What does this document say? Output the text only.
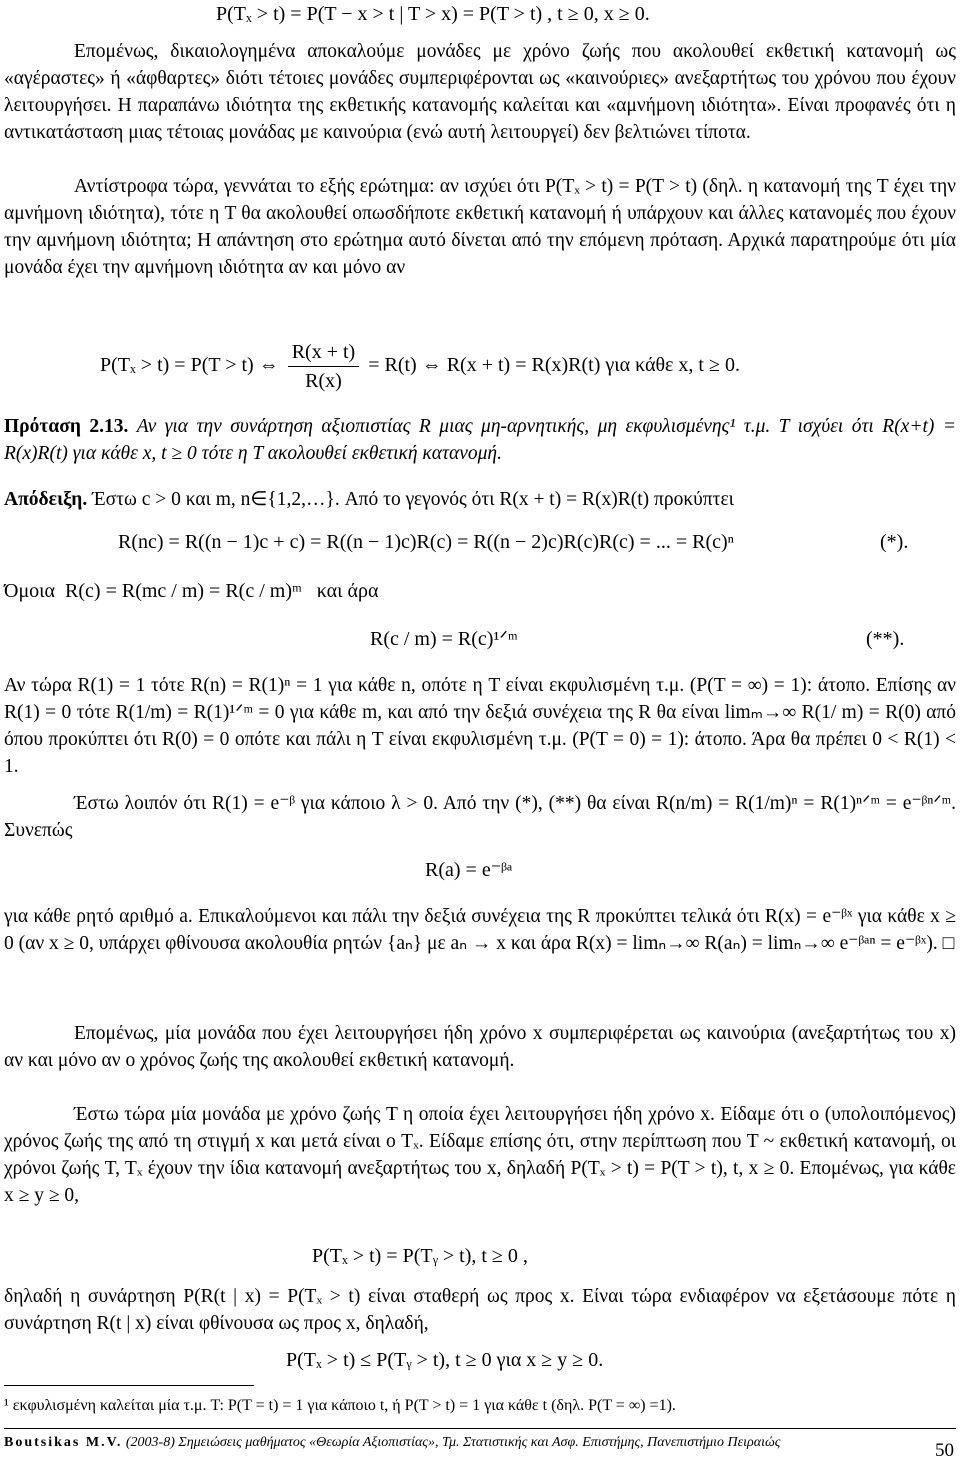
P(Tₓ > t) = P(T − x > t | T > x) = P(T > t) , t ≥ 0, x ≥ 0.

Επομένως, δικαιολογημένα αποκαλούμε μονάδες με χρόνο ζωής που ακολουθεί εκθετική κατανομή ως «αγέραστες» ή «άφθαρτες» διότι τέτοιες μονάδες συμπεριφέρονται ως «καινούριες» ανεξαρτήτως του χρόνου που έχουν λειτουργήσει. Η παραπάνω ιδιότητα της εκθετικής κατανομής καλείται και «αμνήμονη ιδιότητα». Είναι προφανές ότι η αντικατάσταση μιας τέτοιας μονάδας με καινούρια (ενώ αυτή λειτουργεί) δεν βελτιώνει τίποτα.

Αντίστροφα τώρα, γεννάται το εξής ερώτημα: αν ισχύει ότι P(Tₓ > t) = P(T > t) (δηλ. η κατανομή της T έχει την αμνήμονη ιδιότητα), τότε η T θα ακολουθεί οπωσδήποτε εκθετική κατανομή ή υπάρχουν και άλλες κατανομές που έχουν την αμνήμονη ιδιότητα; Η απάντηση στο ερώτημα αυτό δίνεται από την επόμενη πρόταση. Αρχικά παρατηρούμε ότι μία μονάδα έχει την αμνήμονη ιδιότητα αν και μόνο αν

P(Tₓ > t) = P(T > t) ⇔ $\frac{R(x + t)}{R(x)} = R(t)$ ⇔ R(x + t) = R(x)R(t) για κάθε x, t ≥ 0.

Πρόταση 2.13. Αν για την συνάρτηση αξιοπιστίας R μιας μη-αρνητικής, μη εκφυλισμένης¹ τ.μ. T ισχύει ότι R(x+t) = R(x)R(t) για κάθε x, t ≥ 0 τότε η T ακολουθεί εκθετική κατανομή.

Απόδειξη. Έστω c > 0 και m, n∈{1,2,…}. Από το γεγονός ότι R(x + t) = R(x)R(t) προκύπτει

R(nc) = R((n − 1)c + c) = R((n − 1)c)R(c) = R((n − 2)c)R(c)R(c) = ... = R(c)ⁿ	(*).
Όμοια R(c) = R(mc / m) = R(c / m)ᵐ και άρα
R(c / m) = R(c)¹ᐟᵐ	(**).

Αν τώρα R(1) = 1 τότε R(n) = R(1)ⁿ = 1 για κάθε n, οπότε η T είναι εκφυλισμένη τ.μ. (P(T = ∞) = 1): άτοπο. Επίσης αν R(1) = 0 τότε R(1/m) = R(1)¹ᐟᵐ = 0 για κάθε m, και από την δεξιά συνέχεια της R θα είναι limₘ→∞ R(1/ m) = R(0) από όπου προκύπτει ότι R(0) = 0 οπότε και πάλι η T είναι εκφυλισμένη τ.μ. (P(T = 0) = 1): άτοπο. Άρα θα πρέπει 0 < R(1) < 1.

Έστω λοιπόν ότι R(1) = e⁻ᵝ για κάποιο λ > 0. Από την (*), (**) θα είναι R(n/m) = R(1/m)ⁿ = R(1)ⁿᐟᵐ = e⁻ᵝⁿᐟᵐ. Συνεπώς

R(a) = e⁻ᵝᵃ

για κάθε ρητό αριθμό a. Επικαλούμενοι και πάλι την δεξιά συνέχεια της R προκύπτει τελικά ότι R(x) = e⁻ᵝˣ για κάθε x ≥ 0 (αν x ≥ 0, υπάρχει φθίνουσα ακολουθία ρητών {aₙ} με aₙ → x και άρα R(x) = limₙ→∞ R(aₙ) = limₙ→∞ e⁻ᵝᵃⁿ = e⁻ᵝˣ). □

Επομένως, μία μονάδα που έχει λειτουργήσει ήδη χρόνο x συμπεριφέρεται ως καινούρια (ανεξαρτήτως του x) αν και μόνο αν ο χρόνος ζωής της ακολουθεί εκθετική κατανομή.

Έστω τώρα μία μονάδα με χρόνο ζωής T η οποία έχει λειτουργήσει ήδη χρόνο x. Είδαμε ότι ο (υπολοιπόμενος) χρόνος ζωής της από τη στιγμή x και μετά είναι ο Tₓ. Είδαμε επίσης ότι, στην περίπτωση που T ~ εκθετική κατανομή, οι χρόνοι ζωής T, Tₓ έχουν την ίδια κατανομή ανεξαρτήτως του x, δηλαδή P(Tₓ > t) = P(T > t), t, x ≥ 0. Επομένως, για κάθε x ≥ y ≥ 0,

P(Tₓ > t) = P(Tᵧ > t), t ≥ 0 ,

δηλαδή η συνάρτηση P(R(t | x) = P(Tₓ > t) είναι σταθερή ως προς x. Είναι τώρα ενδιαφέρον να εξετάσουμε πότε η συνάρτηση R(t | x) είναι φθίνουσα ως προς x, δηλαδή,

P(Tₓ > t) ≤ P(Tᵧ > t), t ≥ 0 για x ≥ y ≥ 0.
¹ εκφυλισμένη καλείται μία τ.μ. T: P(T = t) = 1 για κάποιο t, ή P(T > t) = 1 για κάθε t (δηλ. P(T = ∞) =1).
Boutsikas M.V. (2003-8) Σημειώσεις μαθήματος «Θεωρία Αξιοπιστίας», Τμ. Στατιστικής και Ασφ. Επιστήμης, Πανεπιστήμιο Πειραιώς	50
